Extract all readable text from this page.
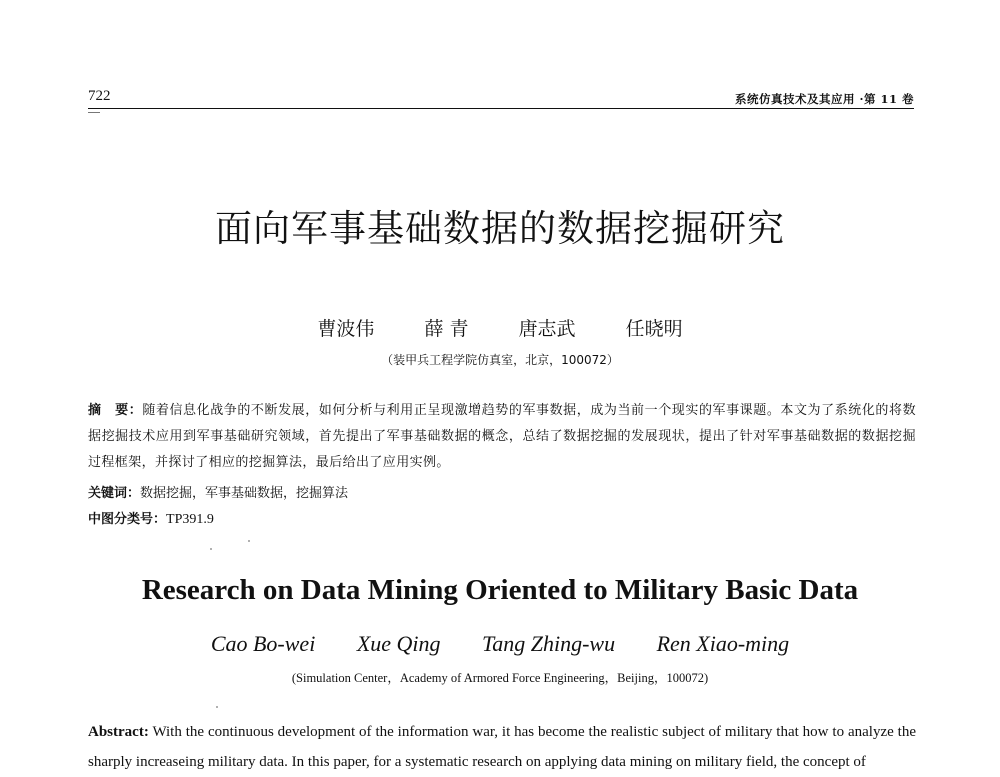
722	系统仿真技术及其应用 ·第 11 卷
面向军事基础数据的数据挖掘研究
曹波伟	薛 青	唐志武	任晓明
（装甲兵工程学院仿真室，北京，100072）
摘　要：随着信息化战争的不断发展，如何分析与利用正呈现激增趋势的军事数据，成为当前一个现实的军事课题。本文为了系统化的将数据挖掘技术应用到军事基础研究领域，首先提出了军事基础数据的概念，总结了数据挖掘的发展现状，提出了针对军事基础数据的数据挖掘过程框架，并探讨了相应的挖掘算法，最后给出了应用实例。
关键词：数据挖掘，军事基础数据，挖掘算法
中图分类号：TP391.9
Research on Data Mining Oriented to Military Basic Data
Cao Bo-wei Xue Qing Tang Zhing-wu Ren Xiao-ming
(Simulation Center，Academy of Armored Force Engineering，Beijing，100072)
Abstract: With the continuous development of the information war, it has become the realistic subject of military that how to analyze the sharply increaseing military data. In this paper, for a systematic research on applying data mining on military field, the concept of
